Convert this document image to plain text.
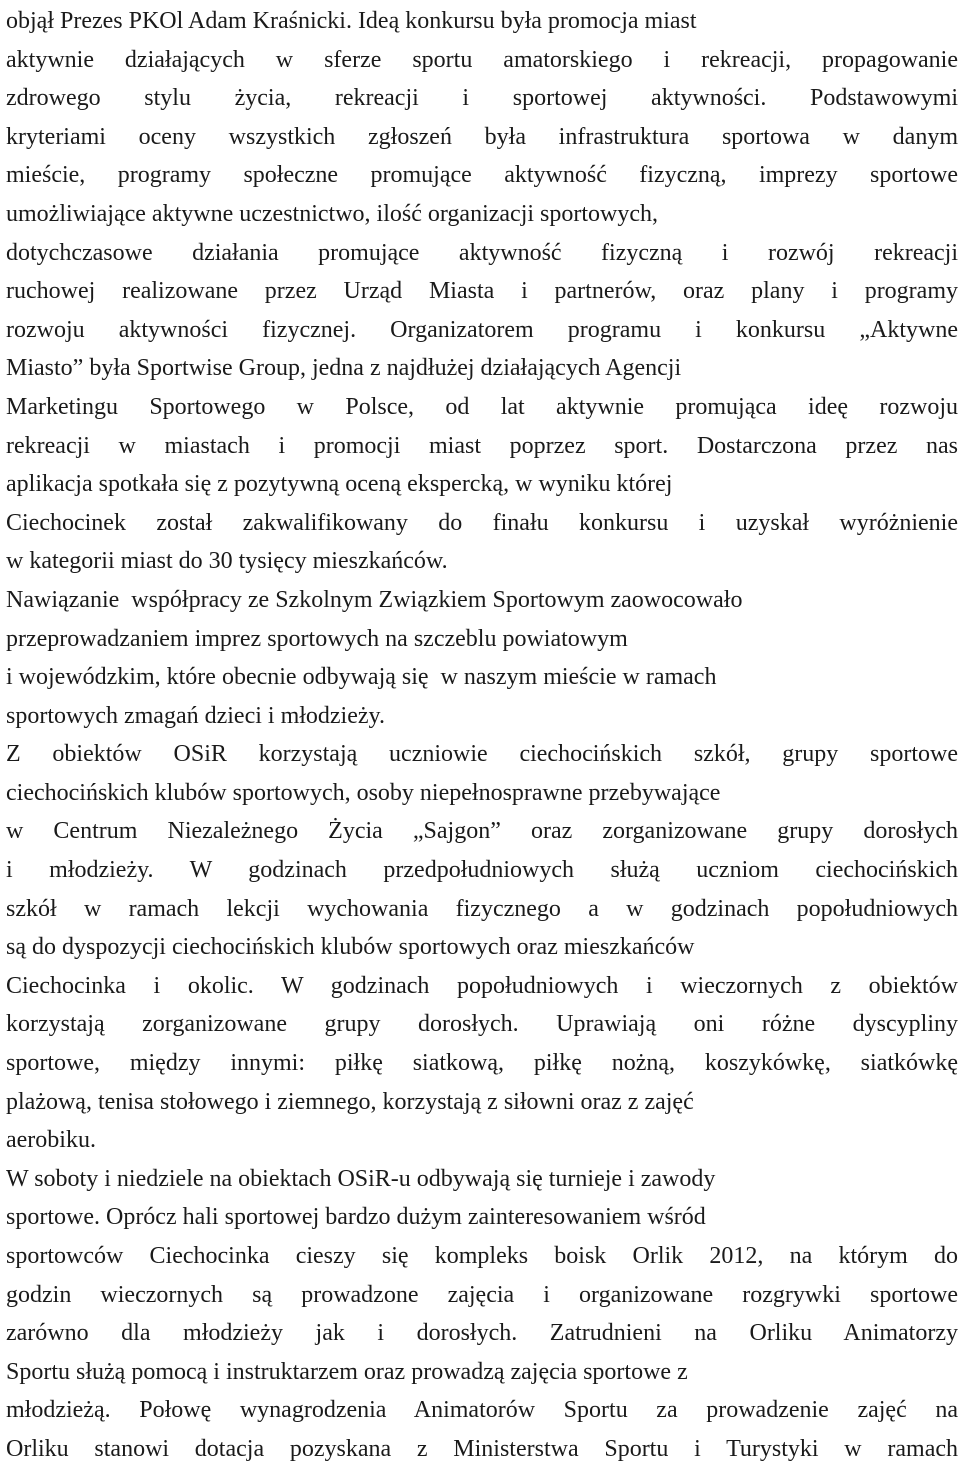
objął Prezes PKOl Adam Kraśnicki. Ideą konkursu była promocja miast
aktywnie działających w sferze sportu amatorskiego i rekreacji, propagowanie
zdrowego stylu życia, rekreacji i sportowej aktywności. Podstawowymi
kryteriami oceny wszystkich zgłoszeń była infrastruktura sportowa w danym
mieście, programy społeczne promujące aktywność fizyczną, imprezy sportowe
umożliwiające aktywne uczestnictwo, ilość organizacji sportowych,
dotychczasowe działania promujące aktywność fizyczną i rozwój rekreacji
ruchowej realizowane przez Urząd Miasta i partnerów, oraz plany i programy
rozwoju aktywności fizycznej. Organizatorem programu i konkursu „Aktywne
Miasto” była Sportwise Group, jedna z najdłużej działających Agencji
Marketingu Sportowego w Polsce, od lat aktywnie promująca ideę rozwoju
rekreacji w miastach i promocji miast poprzez sport. Dostarczona przez nas
aplikacja spotkała się z pozytywną oceną ekspercką, w wyniku której
Ciechocinek został zakwalifikowany do finału konkursu i uzyskał wyróżnienie
w kategorii miast do 30 tysięcy mieszkańców.
Nawiązanie  współpracy ze Szkolnym Związkiem Sportowym zaowocowało
przeprowadzaniem imprez sportowych na szczeblu powiatowym
i wojewódzkim, które obecnie odbywają się  w naszym mieście w ramach
sportowych zmagań dzieci i młodzieży.
Z obiektów OSiR korzystają uczniowie ciechocińskich szkół, grupy sportowe
ciechocińskich klubów sportowych, osoby niepełnosprawne przebywające
w Centrum Niezależnego Życia „Sajgon” oraz zorganizowane grupy dorosłych
i młodzieży. W godzinach przedpołudniowych służą uczniom ciechocińskich
szkół w ramach lekcji wychowania fizycznego a w godzinach popołudniowych
są do dyspozycji ciechocińskich klubów sportowych oraz mieszkańców
Ciechocinka i okolic. W godzinach popołudniowych i wieczornych z obiektów
korzystają zorganizowane grupy dorosłych. Uprawiają oni różne dyscypliny
sportowe, między innymi: piłkę siatkową, piłkę nożną, koszykówkę, siatkówkę
plażową, tenisa stołowego i ziemnego, korzystają z siłowni oraz z zajęć
aerobiku.
W soboty i niedziele na obiektach OSiR-u odbywają się turnieje i zawody
sportowe. Oprócz hali sportowej bardzo dużym zainteresowaniem wśród
sportowców Ciechocinka cieszy się kompleks boisk Orlik 2012, na którym do
godzin wieczornych są prowadzone zajęcia i organizowane rozgrywki sportowe
zarówno dla młodzieży jak i dorosłych. Zatrudnieni na Orliku Animatorzy
Sportu służą pomocą i instruktarzem oraz prowadzą zajęcia sportowe z
młodzieżą. Połowę wynagrodzenia Animatorów Sportu za prowadzenie zajęć na
Orliku stanowi dotacja pozyskana z Ministerstwa Sportu i Turystyki w ramach
